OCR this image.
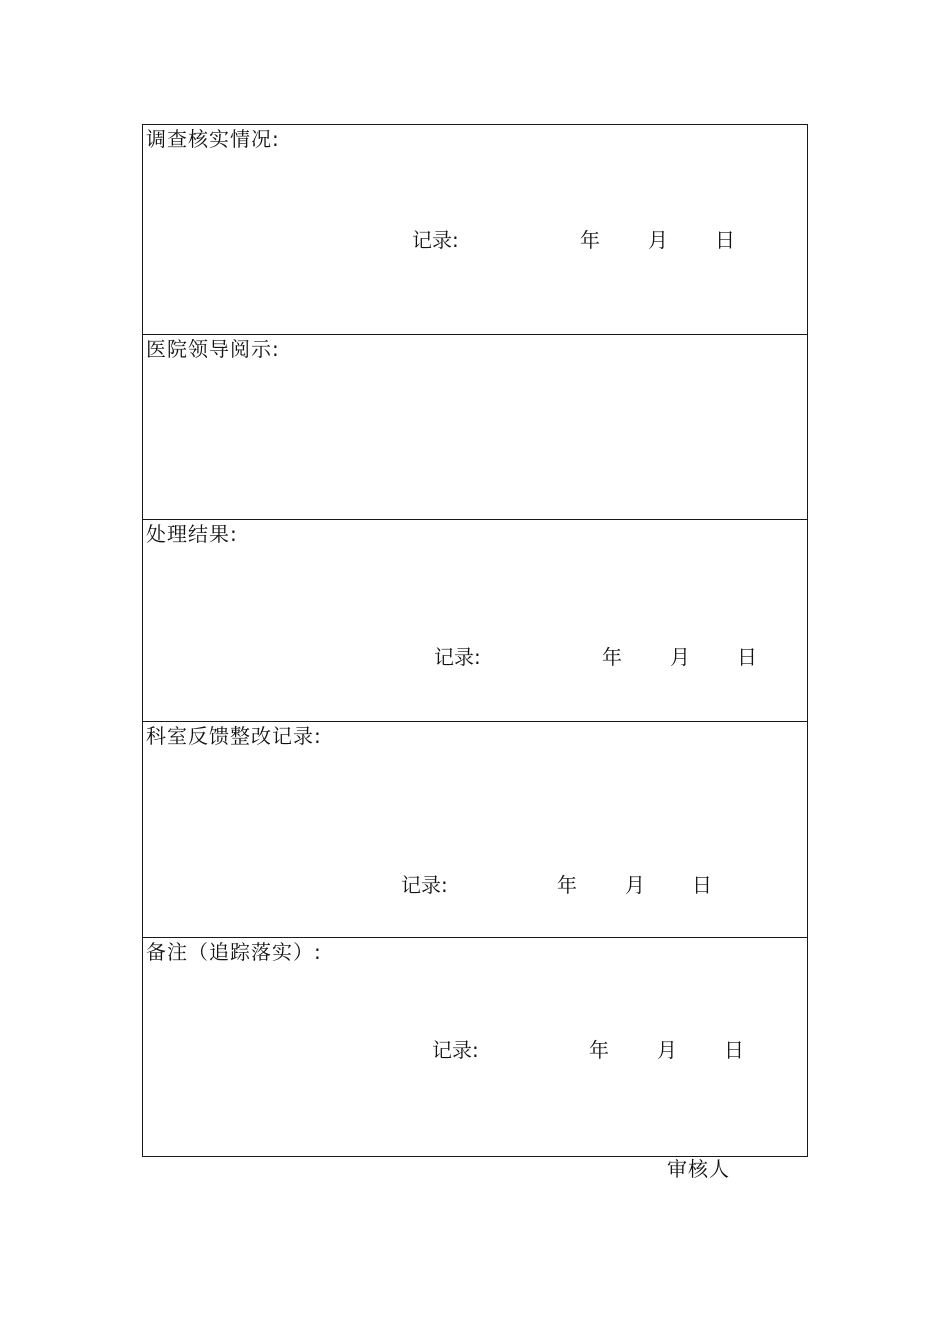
调查核实情况:
记录:	年 月 日
医院领导阅示:
处理结果:
记录:	年 月 日
科室反馈整改记录:
记录:	年 月 日
备注（追踪落实）:
记录:	年 月 日
审核人
